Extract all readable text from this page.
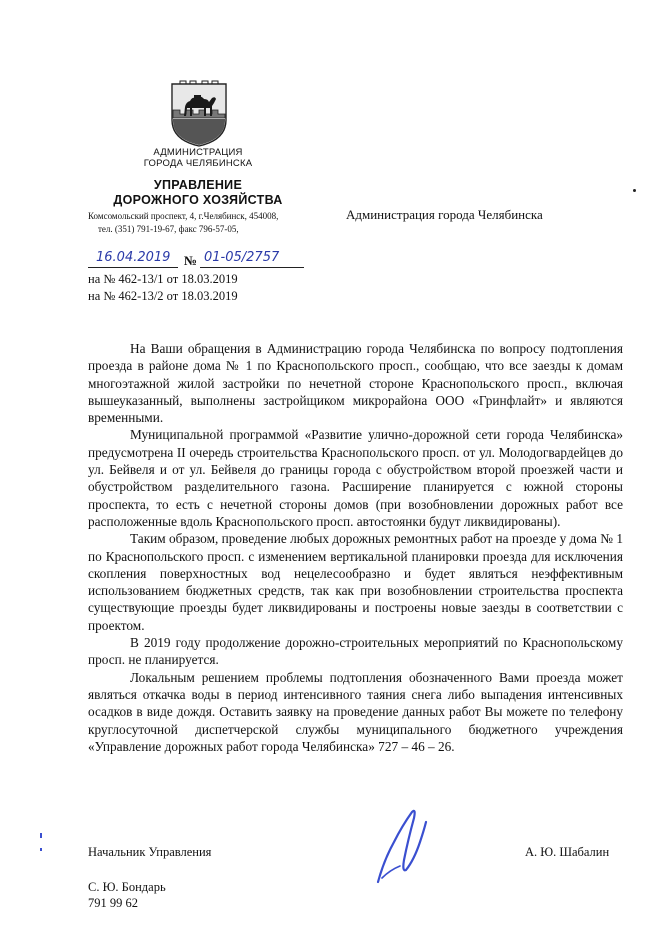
АДМИНИСТРАЦИЯ
ГОРОДА ЧЕЛЯБИНСКА
УПРАВЛЕНИЕ
ДОРОЖНОГО ХОЗЯЙСТВА
Комсомольский проспект, 4, г.Челябинск, 454008,
тел. (351) 791-19-67, факс 796-57-05,
Администрация города Челябинска
16.04.2019 № 01-05/2757
на № 462-13/1 от 18.03.2019
на № 462-13/2 от 18.03.2019

На Ваши обращения в Администрацию города Челябинска по вопросу подтопления проезда в районе дома № 1 по Краснопольского просп., сообщаю, что все заезды к домам многоэтажной жилой застройки по нечетной стороне Краснопольского просп., включая вышеуказанный, выполнены застройщиком микрорайона ООО «Гринфлайт» и являются временными.

Муниципальной программой «Развитие улично-дорожной сети города Челябинска» предусмотрена II очередь строительства Краснопольского просп. от ул. Молодогвардейцев до ул. Бейвеля и от ул. Бейвеля до границы города с обустройством второй проезжей части и обустройством разделительного газона. Расширение планируется с южной стороны проспекта, то есть с нечетной стороны домов (при возобновлении дорожных работ все расположенные вдоль Краснопольского просп. автостоянки будут ликвидированы).

Таким образом, проведение любых дорожных ремонтных работ на проезде у дома № 1 по Краснопольского просп. с изменением вертикальной планировки проезда для исключения скопления поверхностных вод нецелесообразно и будет являться неэффективным использованием бюджетных средств, так как при возобновлении строительства проспекта существующие проезды будет ликвидированы и построены новые заезды в соответствии с проектом.

В 2019 году продолжение дорожно-строительных мероприятий по Краснопольскому просп. не планируется.

Локальным решением проблемы подтопления обозначенного Вами проезда может являться откачка воды в период интенсивного таяния снега либо выпадения интенсивных осадков в виде дождя. Оставить заявку на проведение данных работ Вы можете по телефону круглосуточной диспетчерской службы муниципального бюджетного учреждения «Управление дорожных работ города Челябинска» 727 – 46 – 26.

Начальник Управления	А. Ю. Шабалин
С. Ю. Бондарь
791 99 62
